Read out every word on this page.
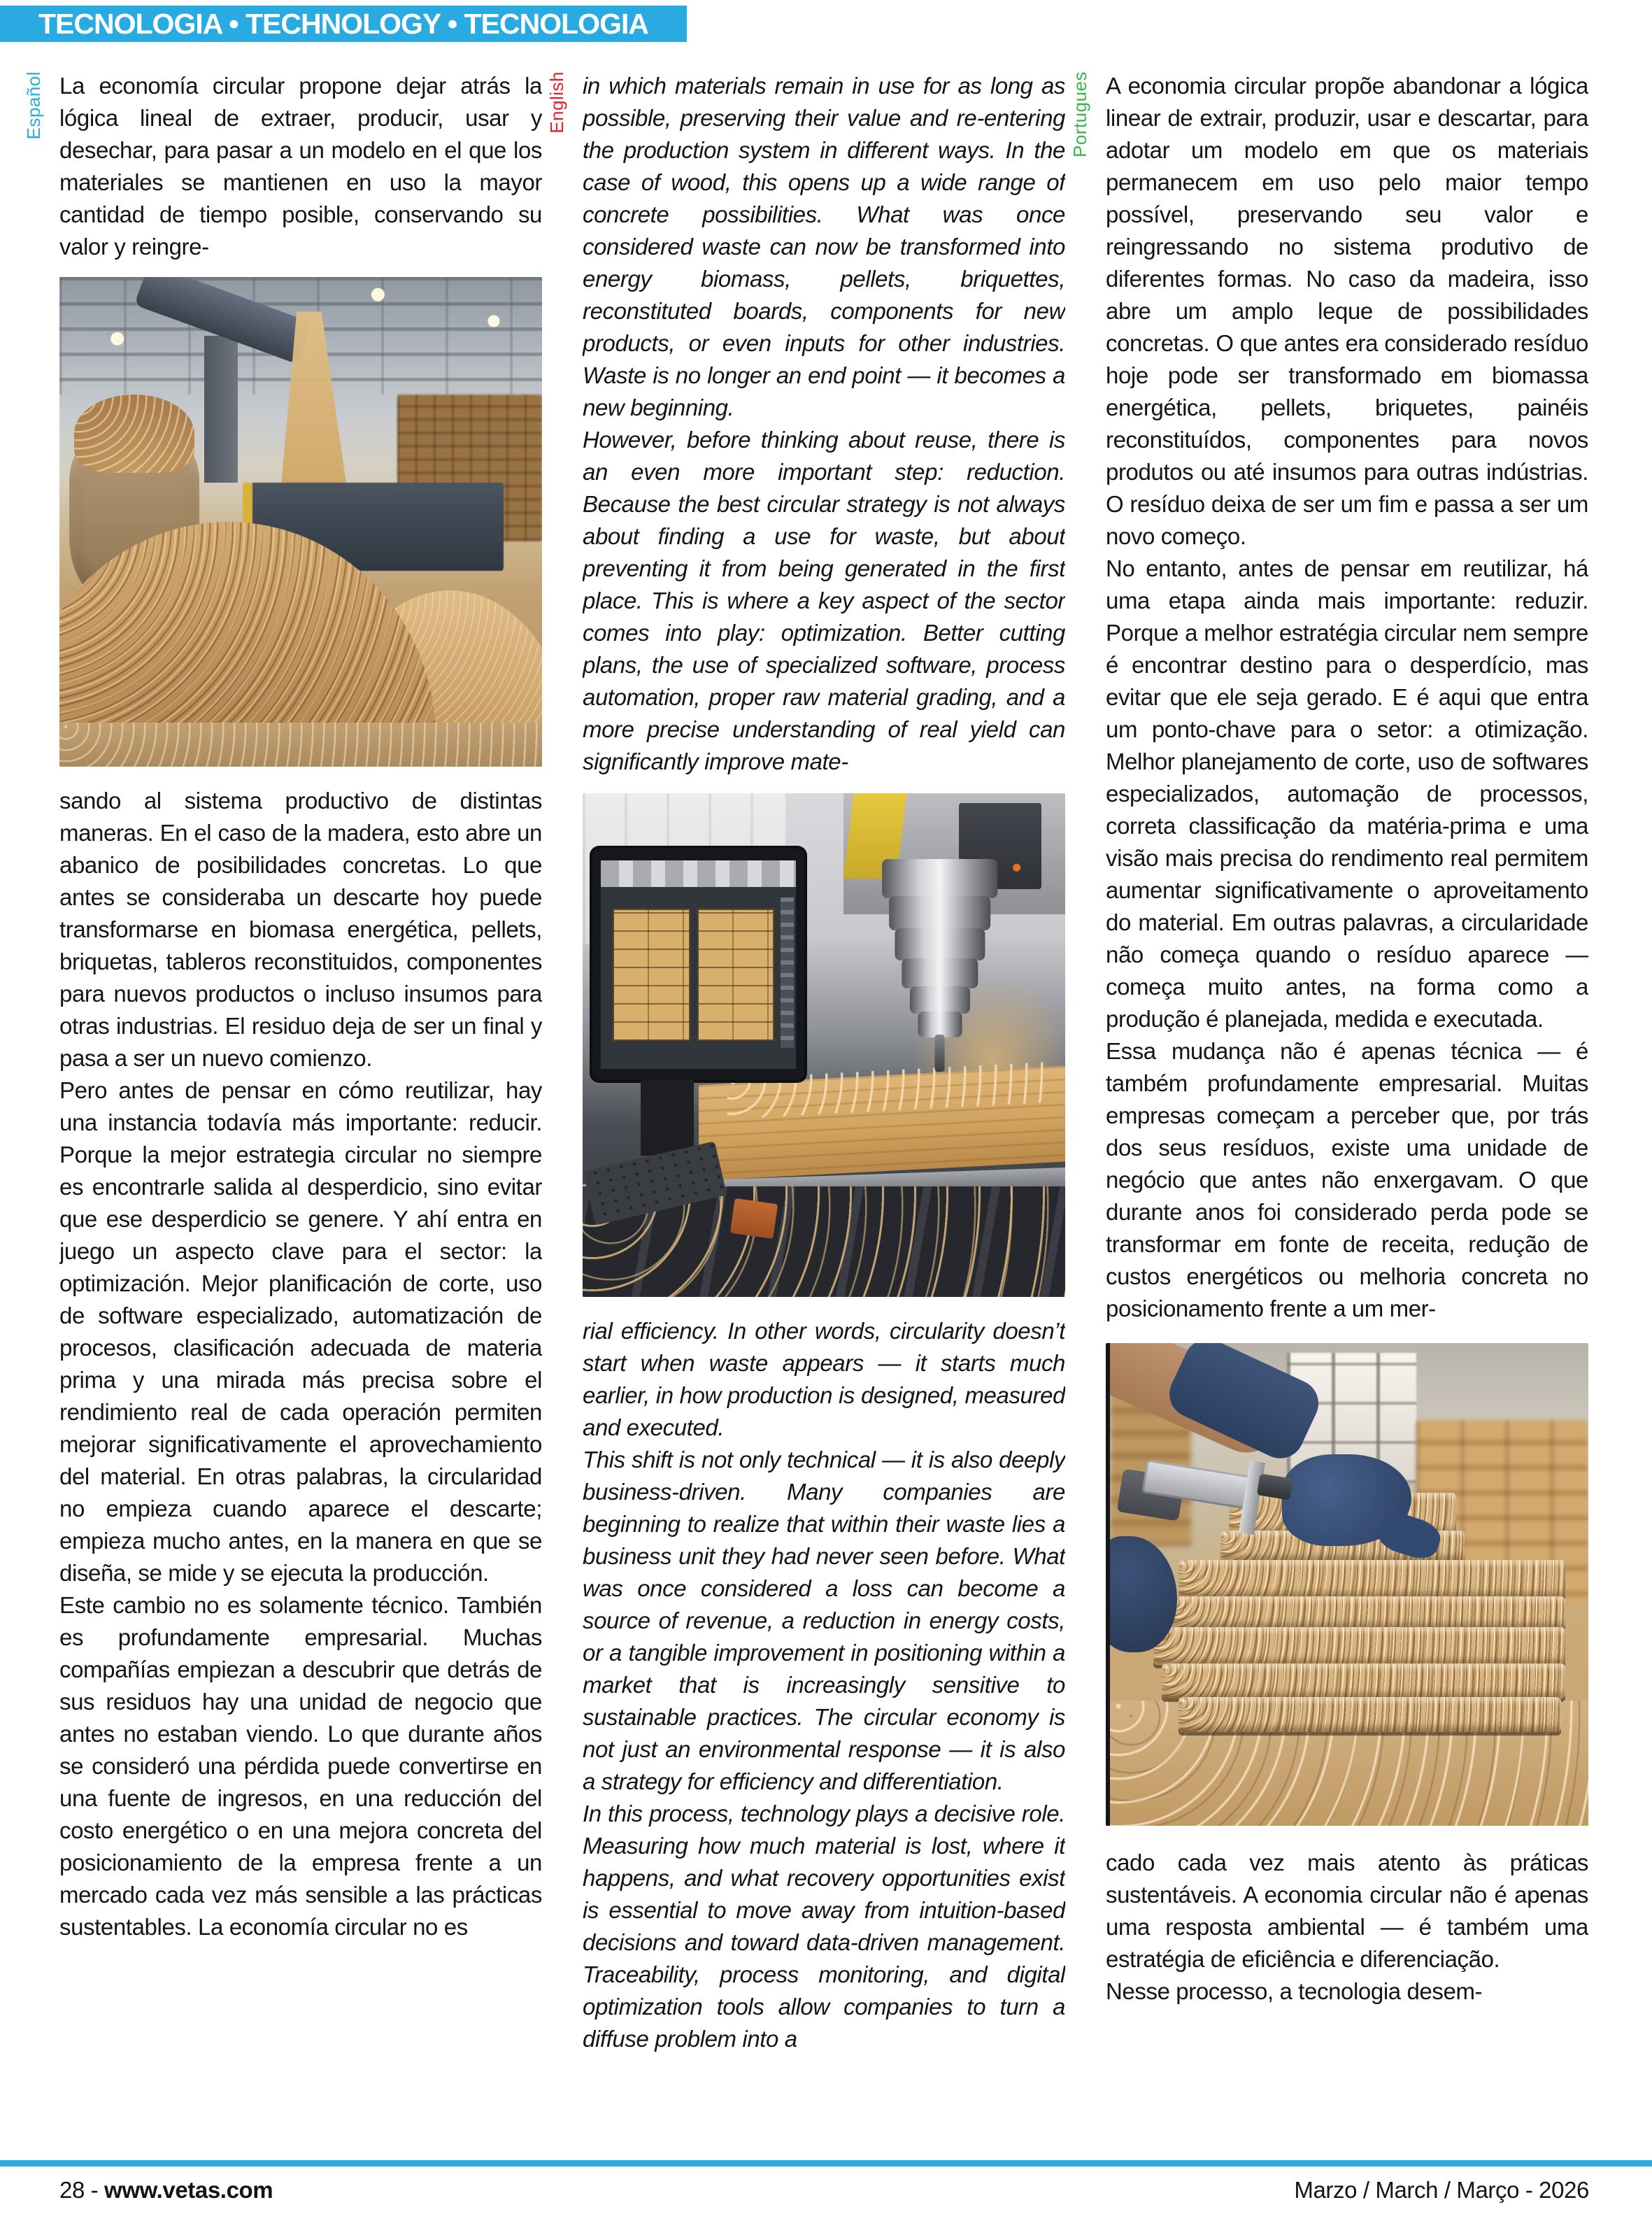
TECNOLOGIA • TECHNOLOGY • TECNOLOGIA
Español La economía circular propone dejar atrás la lógica lineal de extraer, producir, usar y desechar, para pasar a un modelo en el que los materiales se mantienen en uso la mayor cantidad de tiempo posible, conservando su valor y reingre-

sando al sistema productivo de distintas maneras. En el caso de la madera, esto abre un abanico de posibilidades concretas. Lo que antes se consideraba un descarte hoy puede transformarse en biomasa energética, pellets, briquetas, tableros reconstituidos, componentes para nuevos productos o incluso insumos para otras industrias. El residuo deja de ser un final y pasa a ser un nuevo comienzo.

Pero antes de pensar en cómo reutilizar, hay una instancia todavía más importante: reducir. Porque la mejor estrategia circular no siempre es encontrarle salida al desperdicio, sino evitar que ese desperdicio se genere. Y ahí entra en juego un aspecto clave para el sector: la optimización. Mejor planificación de corte, uso de software especializado, automatización de procesos, clasificación adecuada de materia prima y una mirada más precisa sobre el rendimiento real de cada operación permiten mejorar significativamente el aprovechamiento del material. En otras palabras, la circularidad no empieza cuando aparece el descarte; empieza mucho antes, en la manera en que se diseña, se mide y se ejecuta la producción.

Este cambio no es solamente técnico. También es profundamente empresarial. Muchas compañías empiezan a descubrir que detrás de sus residuos hay una unidad de negocio que antes no estaban viendo. Lo que durante años se consideró una pérdida puede convertirse en una fuente de ingresos, en una reducción del costo energético o en una mejora concreta del posicionamiento de la empresa frente a un mercado cada vez más sensible a las prácticas sustentables. La economía circular no es

English in which materials remain in use for as long as possible, preserving their value and re-entering the production system in different ways. In the case of wood, this opens up a wide range of concrete possibilities. What was once considered waste can now be transformed into energy biomass, pellets, briquettes, reconstituted boards, components for new products, or even inputs for other industries. Waste is no longer an end point — it becomes a new beginning.

However, before thinking about reuse, there is an even more important step: reduction. Because the best circular strategy is not always about finding a use for waste, but about preventing it from being generated in the first place. This is where a key aspect of the sector comes into play: optimization. Better cutting plans, the use of specialized software, process automation, proper raw material grading, and a more precise understanding of real yield can significantly improve mate-

rial efficiency. In other words, circularity doesn’t start when waste appears — it starts much earlier, in how production is designed, measured and executed.

This shift is not only technical — it is also deeply business-driven. Many companies are beginning to realize that within their waste lies a business unit they had never seen before. What was once considered a loss can become a source of revenue, a reduction in energy costs, or a tangible improvement in positioning within a market that is increasingly sensitive to sustainable practices. The circular economy is not just an environmental response — it is also a strategy for efficiency and differentiation.

In this process, technology plays a decisive role. Measuring how much material is lost, where it happens, and what recovery opportunities exist is essential to move away from intuition-based decisions and toward data-driven management. Traceability, process monitoring, and digital optimization tools allow companies to turn a diffuse problem into a

Portugues A economia circular propõe abandonar a lógica linear de extrair, produzir, usar e descartar, para adotar um modelo em que os materiais permanecem em uso pelo maior tempo possível, preservando seu valor e reingressando no sistema produtivo de diferentes formas. No caso da madeira, isso abre um amplo leque de possibilidades concretas. O que antes era considerado resíduo hoje pode ser transformado em biomassa energética, pellets, briquetes, painéis reconstituídos, componentes para novos produtos ou até insumos para outras indústrias. O resíduo deixa de ser um fim e passa a ser um novo começo.

No entanto, antes de pensar em reutilizar, há uma etapa ainda mais importante: reduzir. Porque a melhor estratégia circular nem sempre é encontrar destino para o desperdício, mas evitar que ele seja gerado. E é aqui que entra um ponto-chave para o setor: a otimização. Melhor planejamento de corte, uso de softwares especializados, automação de processos, correta classificação da matéria-prima e uma visão mais precisa do rendimento real permitem aumentar significativamente o aproveitamento do material. Em outras palavras, a circularidade não começa quando o resíduo aparece — começa muito antes, na forma como a produção é planejada, medida e executada.

Essa mudança não é apenas técnica — é também profundamente empresarial. Muitas empresas começam a perceber que, por trás dos seus resíduos, existe uma unidade de negócio que antes não enxergavam. O que durante anos foi considerado perda pode se transformar em fonte de receita, redução de custos energéticos ou melhoria concreta no posicionamento frente a um mer-

cado cada vez mais atento às práticas sustentáveis. A economia circular não é apenas uma resposta ambiental — é também uma estratégia de eficiência e diferenciação.

Nesse processo, a tecnologia desem-

28 - www.vetas.com	Marzo / March / Março - 2026
